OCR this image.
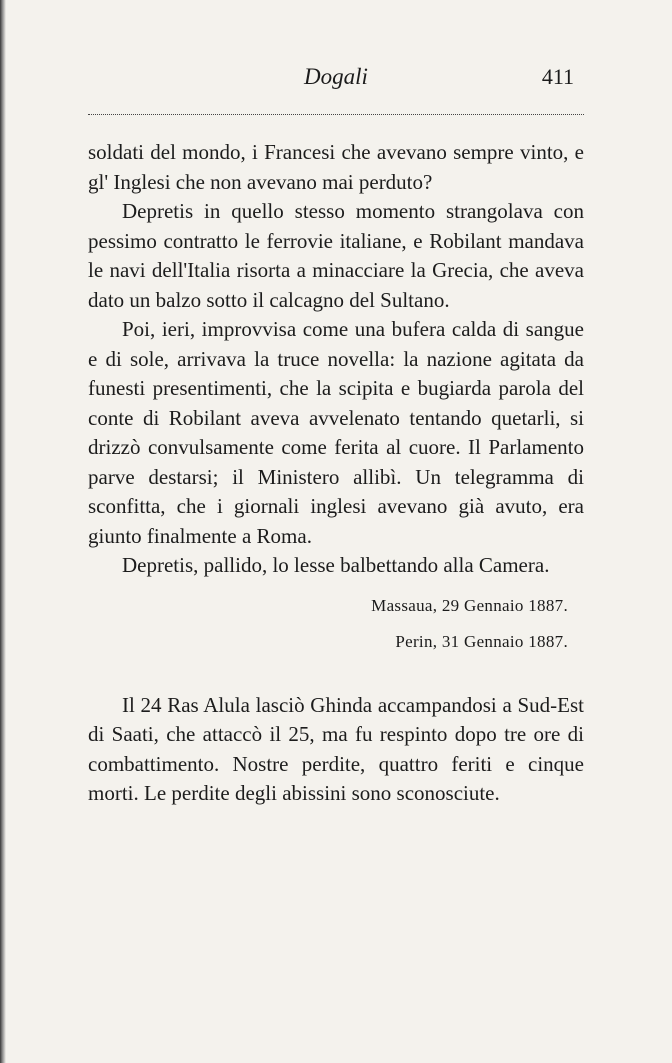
Dogali	411

soldati del mondo, i Francesi che avevano sempre vinto, e gl' Inglesi che non avevano mai perduto?

Depretis in quello stesso momento strangolava con pessimo contratto le ferrovie italiane, e Robilant mandava le navi dell'Italia risorta a minacciare la Grecia, che aveva dato un balzo sotto il calcagno del Sultano.

Poi, ieri, improvvisa come una bufera calda di sangue e di sole, arrivava la truce novella: la nazione agitata da funesti presentimenti, che la scipita e bugiarda parola del conte di Robilant aveva avvelenato tentando quetarli, si drizzò convulsamente come ferita al cuore. Il Parlamento parve destarsi; il Ministero allibì. Un telegramma di sconfitta, che i giornali inglesi avevano già avuto, era giunto finalmente a Roma.

Depretis, pallido, lo lesse balbettando alla Camera.

Massaua, 29 Gennaio 1887.

Perin, 31 Gennaio 1887.

Il 24 Ras Alula lasciò Ghinda accampandosi a Sud-Est di Saati, che attaccò il 25, ma fu respinto dopo tre ore di combattimento. Nostre perdite, quattro feriti e cinque morti. Le perdite degli abissini sono sconosciute.
